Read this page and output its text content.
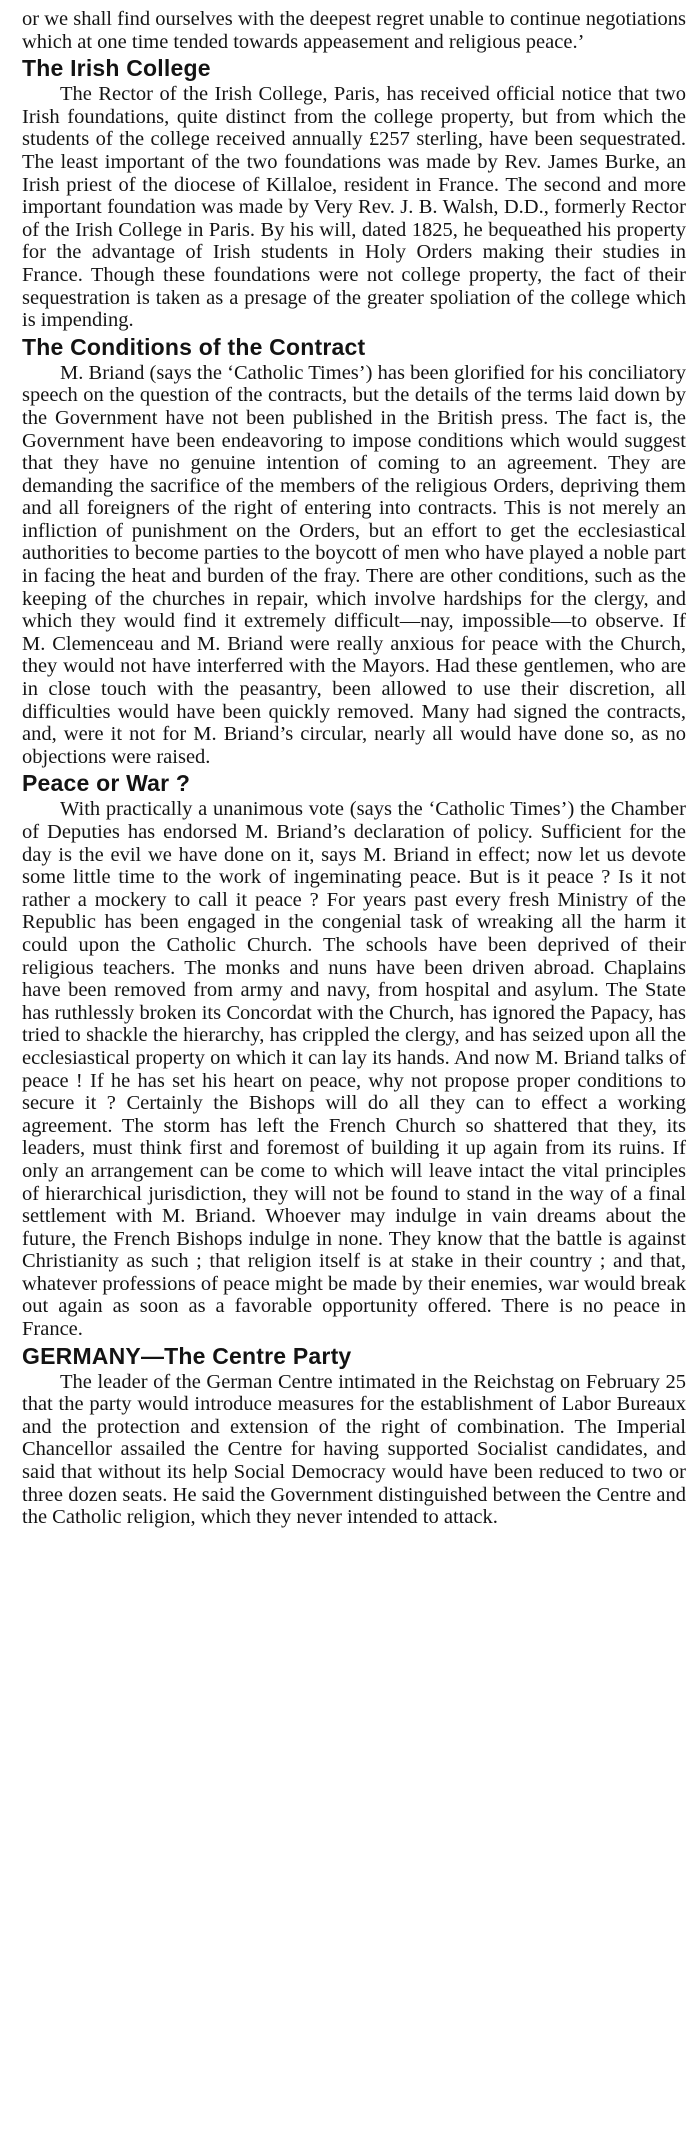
or we shall find ourselves with the deepest regret unable to continue negotiations which at one time tended towards appeasement and religious peace.’

The Irish College

The Rector of the Irish College, Paris, has received official notice that two Irish foundations, quite distinct from the college property, but from which the students of the college received annually £257 sterling, have been sequestrated. The least important of the two foundations was made by Rev. James Burke, an Irish priest of the diocese of Killaloe, resident in France. The second and more important foundation was made by Very Rev. J. B. Walsh, D.D., formerly Rector of the Irish College in Paris. By his will, dated 1825, he bequeathed his property for the advantage of Irish students in Holy Orders making their studies in France. Though these foundations were not college property, the fact of their sequestration is taken as a presage of the greater spoliation of the college which is impending.

The Conditions of the Contract

M. Briand (says the ‘Catholic Times’) has been glorified for his conciliatory speech on the question of the contracts, but the details of the terms laid down by the Government have not been published in the British press. The fact is, the Government have been endeavoring to impose conditions which would suggest that they have no genuine intention of coming to an agreement. They are demanding the sacrifice of the members of the religious Orders, depriving them and all foreigners of the right of entering into contracts. This is not merely an infliction of punishment on the Orders, but an effort to get the ecclesiastical authorities to become parties to the boycott of men who have played a noble part in facing the heat and burden of the fray. There are other conditions, such as the keeping of the churches in repair, which involve hardships for the clergy, and which they would find it extremely difficult—nay, impossible—to observe. If M. Clemenceau and M. Briand were really anxious for peace with the Church, they would not have interferred with the Mayors. Had these gentlemen, who are in close touch with the peasantry, been allowed to use their discretion, all difficulties would have been quickly removed. Many had signed the contracts, and, were it not for M. Briand’s circular, nearly all would have done so, as no objections were raised.

Peace or War ?

With practically a unanimous vote (says the ‘Catholic Times’) the Chamber of Deputies has endorsed M. Briand’s declaration of policy. Sufficient for the day is the evil we have done on it, says M. Briand in effect; now let us devote some little time to the work of ingeminating peace. But is it peace ? Is it not rather a mockery to call it peace ? For years past every fresh Ministry of the Republic has been engaged in the congenial task of wreaking all the harm it could upon the Catholic Church. The schools have been deprived of their religious teachers. The monks and nuns have been driven abroad. Chaplains have been removed from army and navy, from hospital and asylum. The State has ruthlessly broken its Concordat with the Church, has ignored the Papacy, has tried to shackle the hierarchy, has crippled the clergy, and has seized upon all the ecclesiastical property on which it can lay its hands. And now M. Briand talks of peace ! If he has set his heart on peace, why not propose proper conditions to secure it ? Certainly the Bishops will do all they can to effect a working agreement. The storm has left the French Church so shattered that they, its leaders, must think first and foremost of building it up again from its ruins. If only an arrangement can be come to which will leave intact the vital principles of hierarchical jurisdiction, they will not be found to stand in the way of a final settlement with M. Briand. Whoever may indulge in vain dreams about the future, the French Bishops indulge in none. They know that the battle is against Christianity as such ; that religion itself is at stake in their country ; and that, whatever professions of peace might be made by their enemies, war would break out again as soon as a favorable opportunity offered. There is no peace in France.

GERMANY—The Centre Party

The leader of the German Centre intimated in the Reichstag on February 25 that the party would introduce measures for the establishment of Labor Bureaux and the protection and extension of the right of combination. The Imperial Chancellor assailed the Centre for having supported Socialist candidates, and said that without its help Social Democracy would have been reduced to two or three dozen seats. He said the Government distinguished between the Centre and the Catholic religion, which they never intended to attack.
